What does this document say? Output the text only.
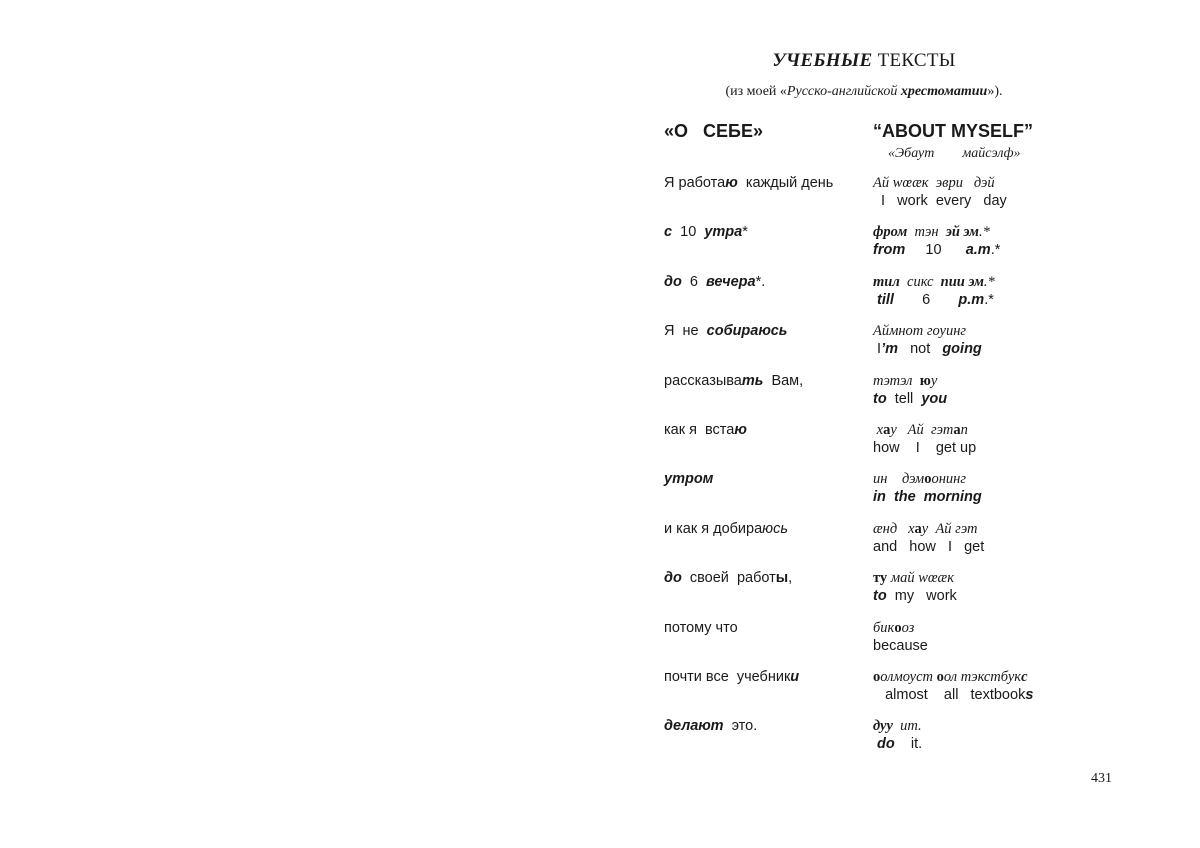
УЧЕБНЫЕ ТЕКСТЫ
(из моей «Русско-английской хрестоматии»).
«О   СЕБЕ»	“ABOUT MYSELF”
«Эбаут        майсэлф»
Я работаю  каждый день	Ай wœæк  эври   дэй
I   work  every   day
с  10  утра*	фром  тэн  эй эм.*
from     10      a.m.*
до  6  вечера*.	тил  сикс  пии эм.*
till       6       p.m.*
Я  не  собираюсь	Аймнот гоуинг
I’m   not   going
рассказывать  Вам,	тэтэл  юу
to  tell  you
как я  встаю	хау   Ай  гэтап
how    I    get up
утром	ин    дэмоонинг
in  the  morning
и как я добираюсь	æнд   хау  Ай гэт
and   how   I   get
до  своей  работы,	ту май wœæк
to  my   work
потому что	бикооз
because
почти все  учебники	оолмоуст оол тэкстбукс
almost    all   textbooks
делают  это.	дуу  ит.
do    it.
431
